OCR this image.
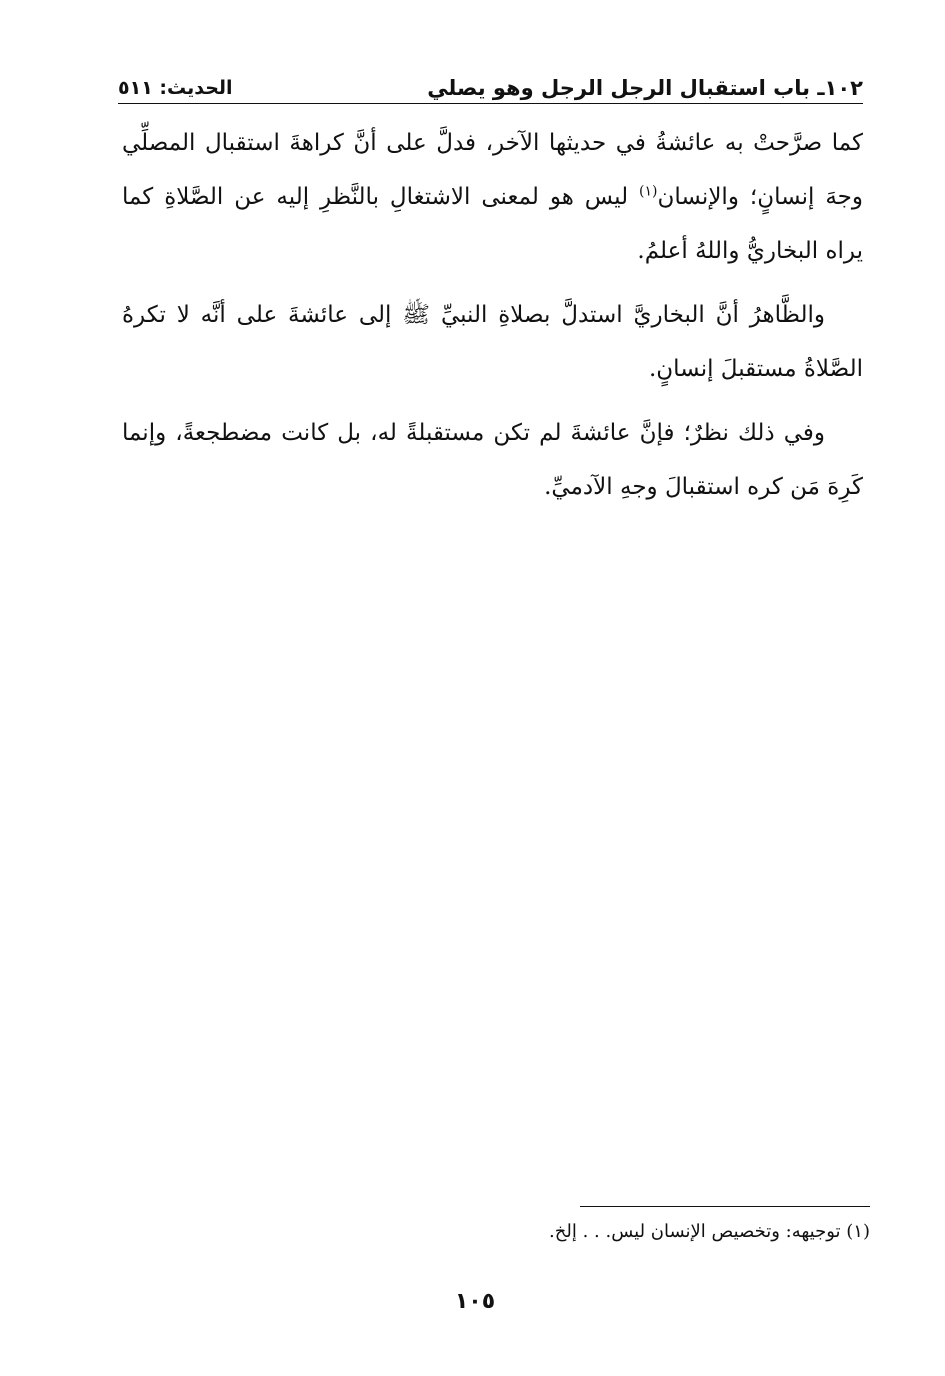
١٠٢ـ باب استقبال الرجل الرجل وهو يصلي
الحديث: ٥١١

كما صرَّحتْ به عائشةُ في حديثها الآخر، فدلَّ على أنَّ كراهةَ استقبال المصلِّي وجهَ إنسانٍ؛ والإنسان$^{(١)}$ ليس هو لمعنى الاشتغالِ بالنَّظرِ إليه عن الصَّلاةِ كما يراه البخاريُّ واللهُ أعلمُ.

والظَّاهرُ أنَّ البخاريَّ استدلَّ بصلاةِ النبيِّ ﷺ إلى عائشةَ على أنَّه لا تكرهُ الصَّلاةُ مستقبلَ إنسانٍ.

وفي ذلك نظرٌ؛ فإنَّ عائشةَ لم تكن مستقبلةً له، بل كانت مضطجعةً، وإنما كَرِهَ مَن كره استقبالَ وجهِ الآدميِّ.

(١) توجيهه: وتخصيص الإنسان ليس. . . إلخ.
١٠٥
